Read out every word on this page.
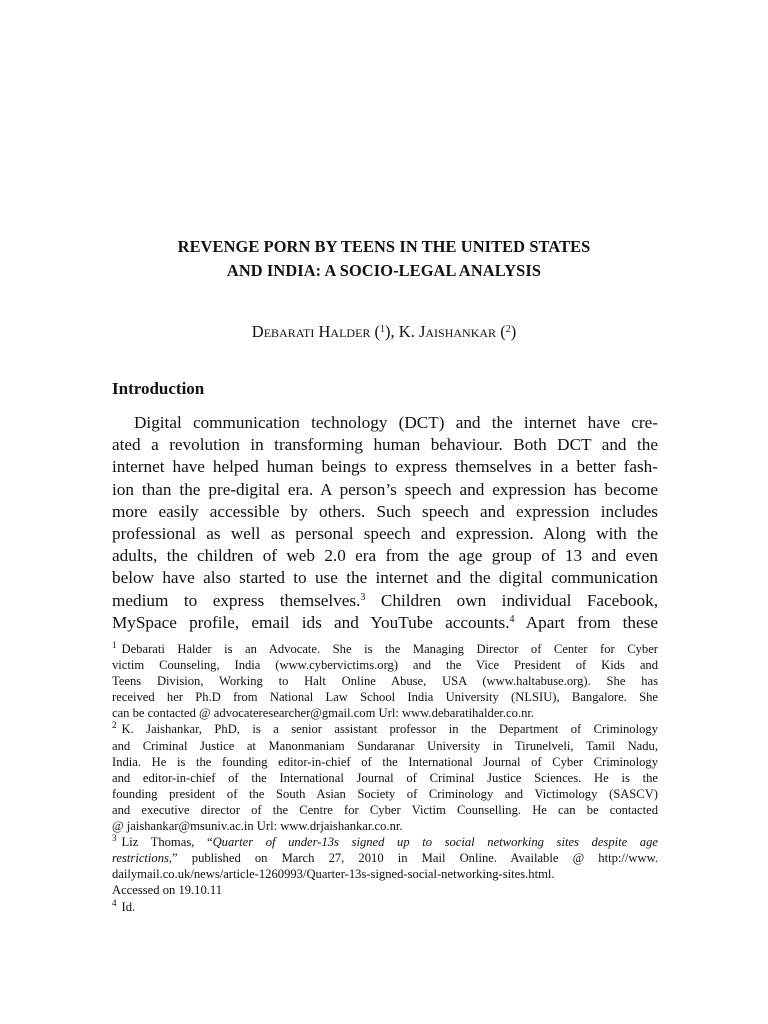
REVENGE PORN BY TEENS IN THE UNITED STATES
AND INDIA: A SOCIO-LEGAL ANALYSIS
Debarati Halder ($^1$), K. Jaishankar ($^2$)
Introduction
Digital communication technology (DCT) and the internet have cre-
ated a revolution in transforming human behaviour. Both DCT and the
internet have helped human beings to express themselves in a better fash-
ion than the pre-digital era. A person’s speech and expression has become
more easily accessible by others. Such speech and expression includes
professional as well as personal speech and expression. Along with the
adults, the children of web 2.0 era from the age group of 13 and even
below have also started to use the internet and the digital communication
medium to express themselves.$^3$ Children own individual Facebook,
MySpace profile, email ids and YouTube accounts.$^4$ Apart from these
$^1$ Debarati Halder is an Advocate. She is the Managing Director of Center for Cyber
victim Counseling, India (www.cybervictims.org) and the Vice President of Kids and
Teens Division, Working to Halt Online Abuse, USA (www.haltabuse.org). She has
received her Ph.D from National Law School India University (NLSIU), Bangalore. She
can be contacted @ advocateresearcher@gmail.com Url: www.debaratihalder.co.nr.
$^2$ K. Jaishankar, PhD, is a senior assistant professor in the Department of Criminology
and Criminal Justice at Manonmaniam Sundaranar University in Tirunelveli, Tamil Nadu,
India. He is the founding editor-in-chief of the International Journal of Cyber Criminology
and editor-in-chief of the International Journal of Criminal Justice Sciences. He is the
founding president of the South Asian Society of Criminology and Victimology (SASCV)
and executive director of the Centre for Cyber Victim Counselling. He can be contacted
@ jaishankar@msuniv.ac.in Url: www.drjaishankar.co.nr.
$^3$ Liz Thomas, “Quarter of under-13s signed up to social networking sites despite age
restrictions,” published on March 27, 2010 in Mail Online. Available @ http://www.
dailymail.co.uk/news/article-1260993/Quarter-13s-signed-social-networking-sites.html.
Accessed on 19.10.11
$^4$ Id.
